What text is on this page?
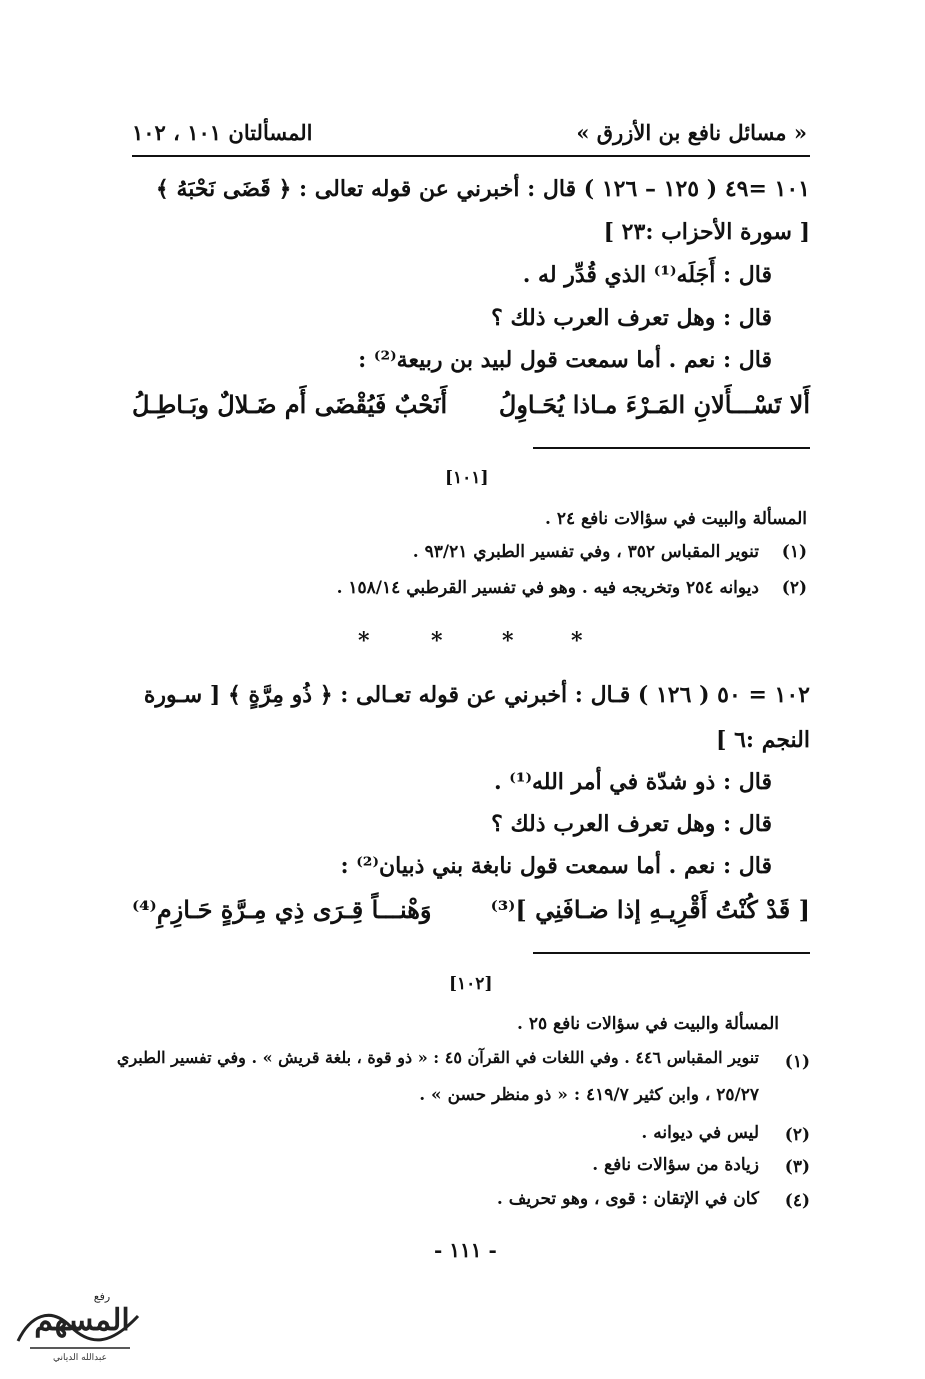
« مسائل نافع بن الأزرق »
المسألتان ١٠١ ، ١٠٢
١٠١ =٤٩ ( ١٢٥ – ١٢٦ ) قال : أخبرني عن قوله تعالى : ﴿ قَضَى نَحْبَهُ ﴾
[ سورة الأحزاب :٢٣ ]
قال : أَجَلَه⁽¹⁾ الذي قُدِّر له .
قال : وهل تعرف العرب ذلك ؟
قال : نعم . أما سمعت قول لبيد بن ربيعة⁽²⁾ :
أَلا تَسْـــأَلانِ المَـرْءَ مـاذا يُحَـاوِلُ
أَنَحْبٌ فَيُقْضَى أَم ضَـلالٌ وبَـاطِـلُ
[١٠١]
المسألة والبيت في سؤالات نافع ٢٤ .
(١)
تنوير المقباس ٣٥٢ ، وفي تفسير الطبري ٩٣/٢١ .
(٢)
ديوانه ٢٥٤ وتخريجه فيه . وهو في تفسير القرطبي ١٥٨/١٤ .
*	*	*	*
١٠٢ = ٥٠ ( ١٢٦ ) قـال : أخبرني عن قوله تعـالى : ﴿ ذُو مِرَّةٍ ﴾ [ سـورة
النجم :٦ ]
قال : ذو شدّة في أمر الله⁽¹⁾ .
قال : وهل تعرف العرب ذلك ؟
قال : نعم . أما سمعت قول نابغة بني ذبيان⁽²⁾ :
[ قَدْ كُنْتُ أَقْرِيـهِ إذا ضـافَنِي ]⁽³⁾
وَهْنـــاً قِـرَى ذِي مِـرَّةٍ حَـازِمِ⁽⁴⁾
[١٠٢]
المسألة والبيت في سؤالات نافع ٢٥ .
(١)
تنوير المقباس ٤٤٦ . وفي اللغات في القرآن ٤٥ : « ذو قوة ، بلغة قريش » . وفي تفسير الطبري
٢٥/٢٧ ، وابن كثير ٤١٩/٧ : « ذو منظر حسن » .
(٢)
ليس في ديوانه .
(٣)
زيادة من سؤالات نافع .
(٤)
كان في الإتقان : قوى ، وهو تحريف .
- ١١١ -
المسهم
رفع
عبدالله الدياني
